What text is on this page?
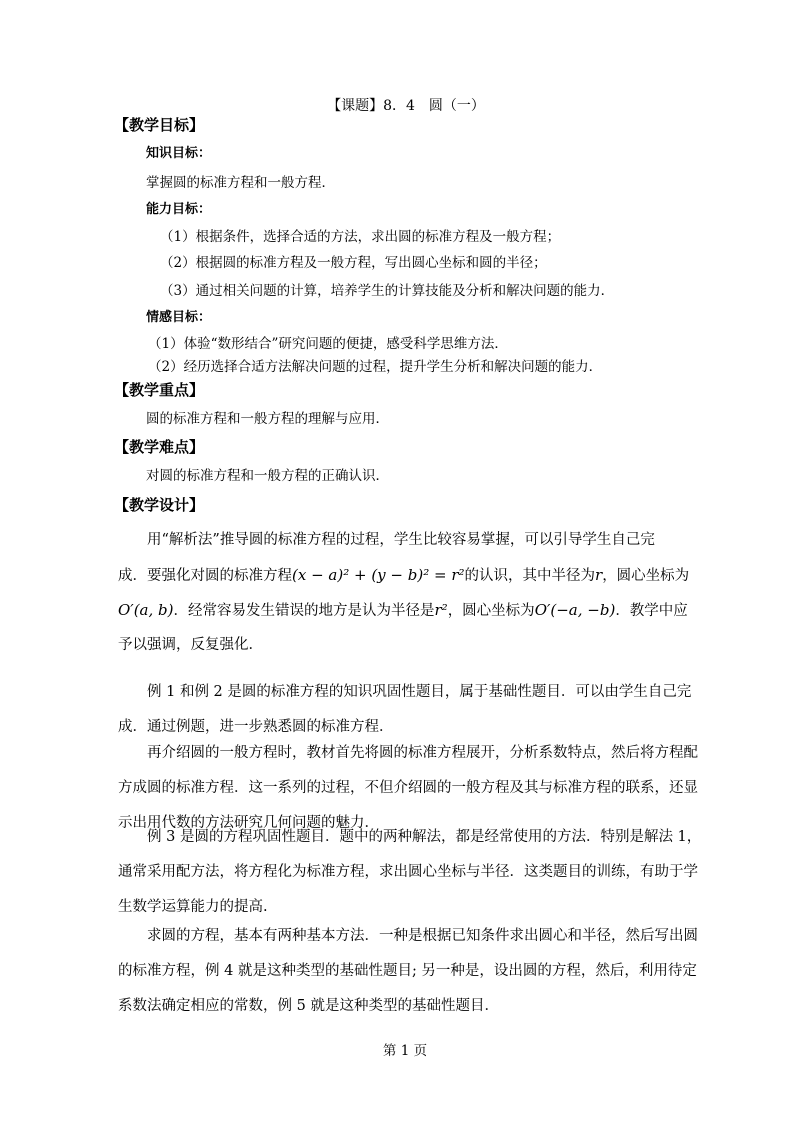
【课题】8．4　圆（一）
【教学目标】
知识目标：
掌握圆的标准方程和一般方程．
能力目标：
（1）根据条件，选择合适的方法，求出圆的标准方程及一般方程；
（2）根据圆的标准方程及一般方程，写出圆心坐标和圆的半径；
（3）通过相关问题的计算，培养学生的计算技能及分析和解决问题的能力．
情感目标：
（1）体验“数形结合”研究问题的便捷，感受科学思维方法．
（2）经历选择合适方法解决问题的过程，提升学生分析和解决问题的能力．
【教学重点】
圆的标准方程和一般方程的理解与应用．
【教学难点】
对圆的标准方程和一般方程的正确认识．
【教学设计】
用“解析法”推导圆的标准方程的过程，学生比较容易掌握，可以引导学生自己完
成．要强化对圆的标准方程(x − a)² + (y − b)² = r²的认识，其中半径为r，圆心坐标为
O′(a, b)．经常容易发生错误的地方是认为半径是r²，圆心坐标为O′(−a, −b)．教学中应
予以强调，反复强化．
例 1 和例 2 是圆的标准方程的知识巩固性题目，属于基础性题目．可以由学生自己完
成．通过例题，进一步熟悉圆的标准方程．
再介绍圆的一般方程时，教材首先将圆的标准方程展开，分析系数特点，然后将方程配
方成圆的标准方程．这一系列的过程，不但介绍圆的一般方程及其与标准方程的联系，还显
示出用代数的方法研究几何问题的魅力．
例 3 是圆的方程巩固性题目．题中的两种解法，都是经常使用的方法．特别是解法 1，
通常采用配方法，将方程化为标准方程，求出圆心坐标与半径．这类题目的训练，有助于学
生数学运算能力的提高.
求圆的方程，基本有两种基本方法．一种是根据已知条件求出圆心和半径，然后写出圆
的标准方程，例 4 就是这种类型的基础性题目; 另一种是，设出圆的方程，然后，利用待定
系数法确定相应的常数，例 5 就是这种类型的基础性题目．
第 1 页
